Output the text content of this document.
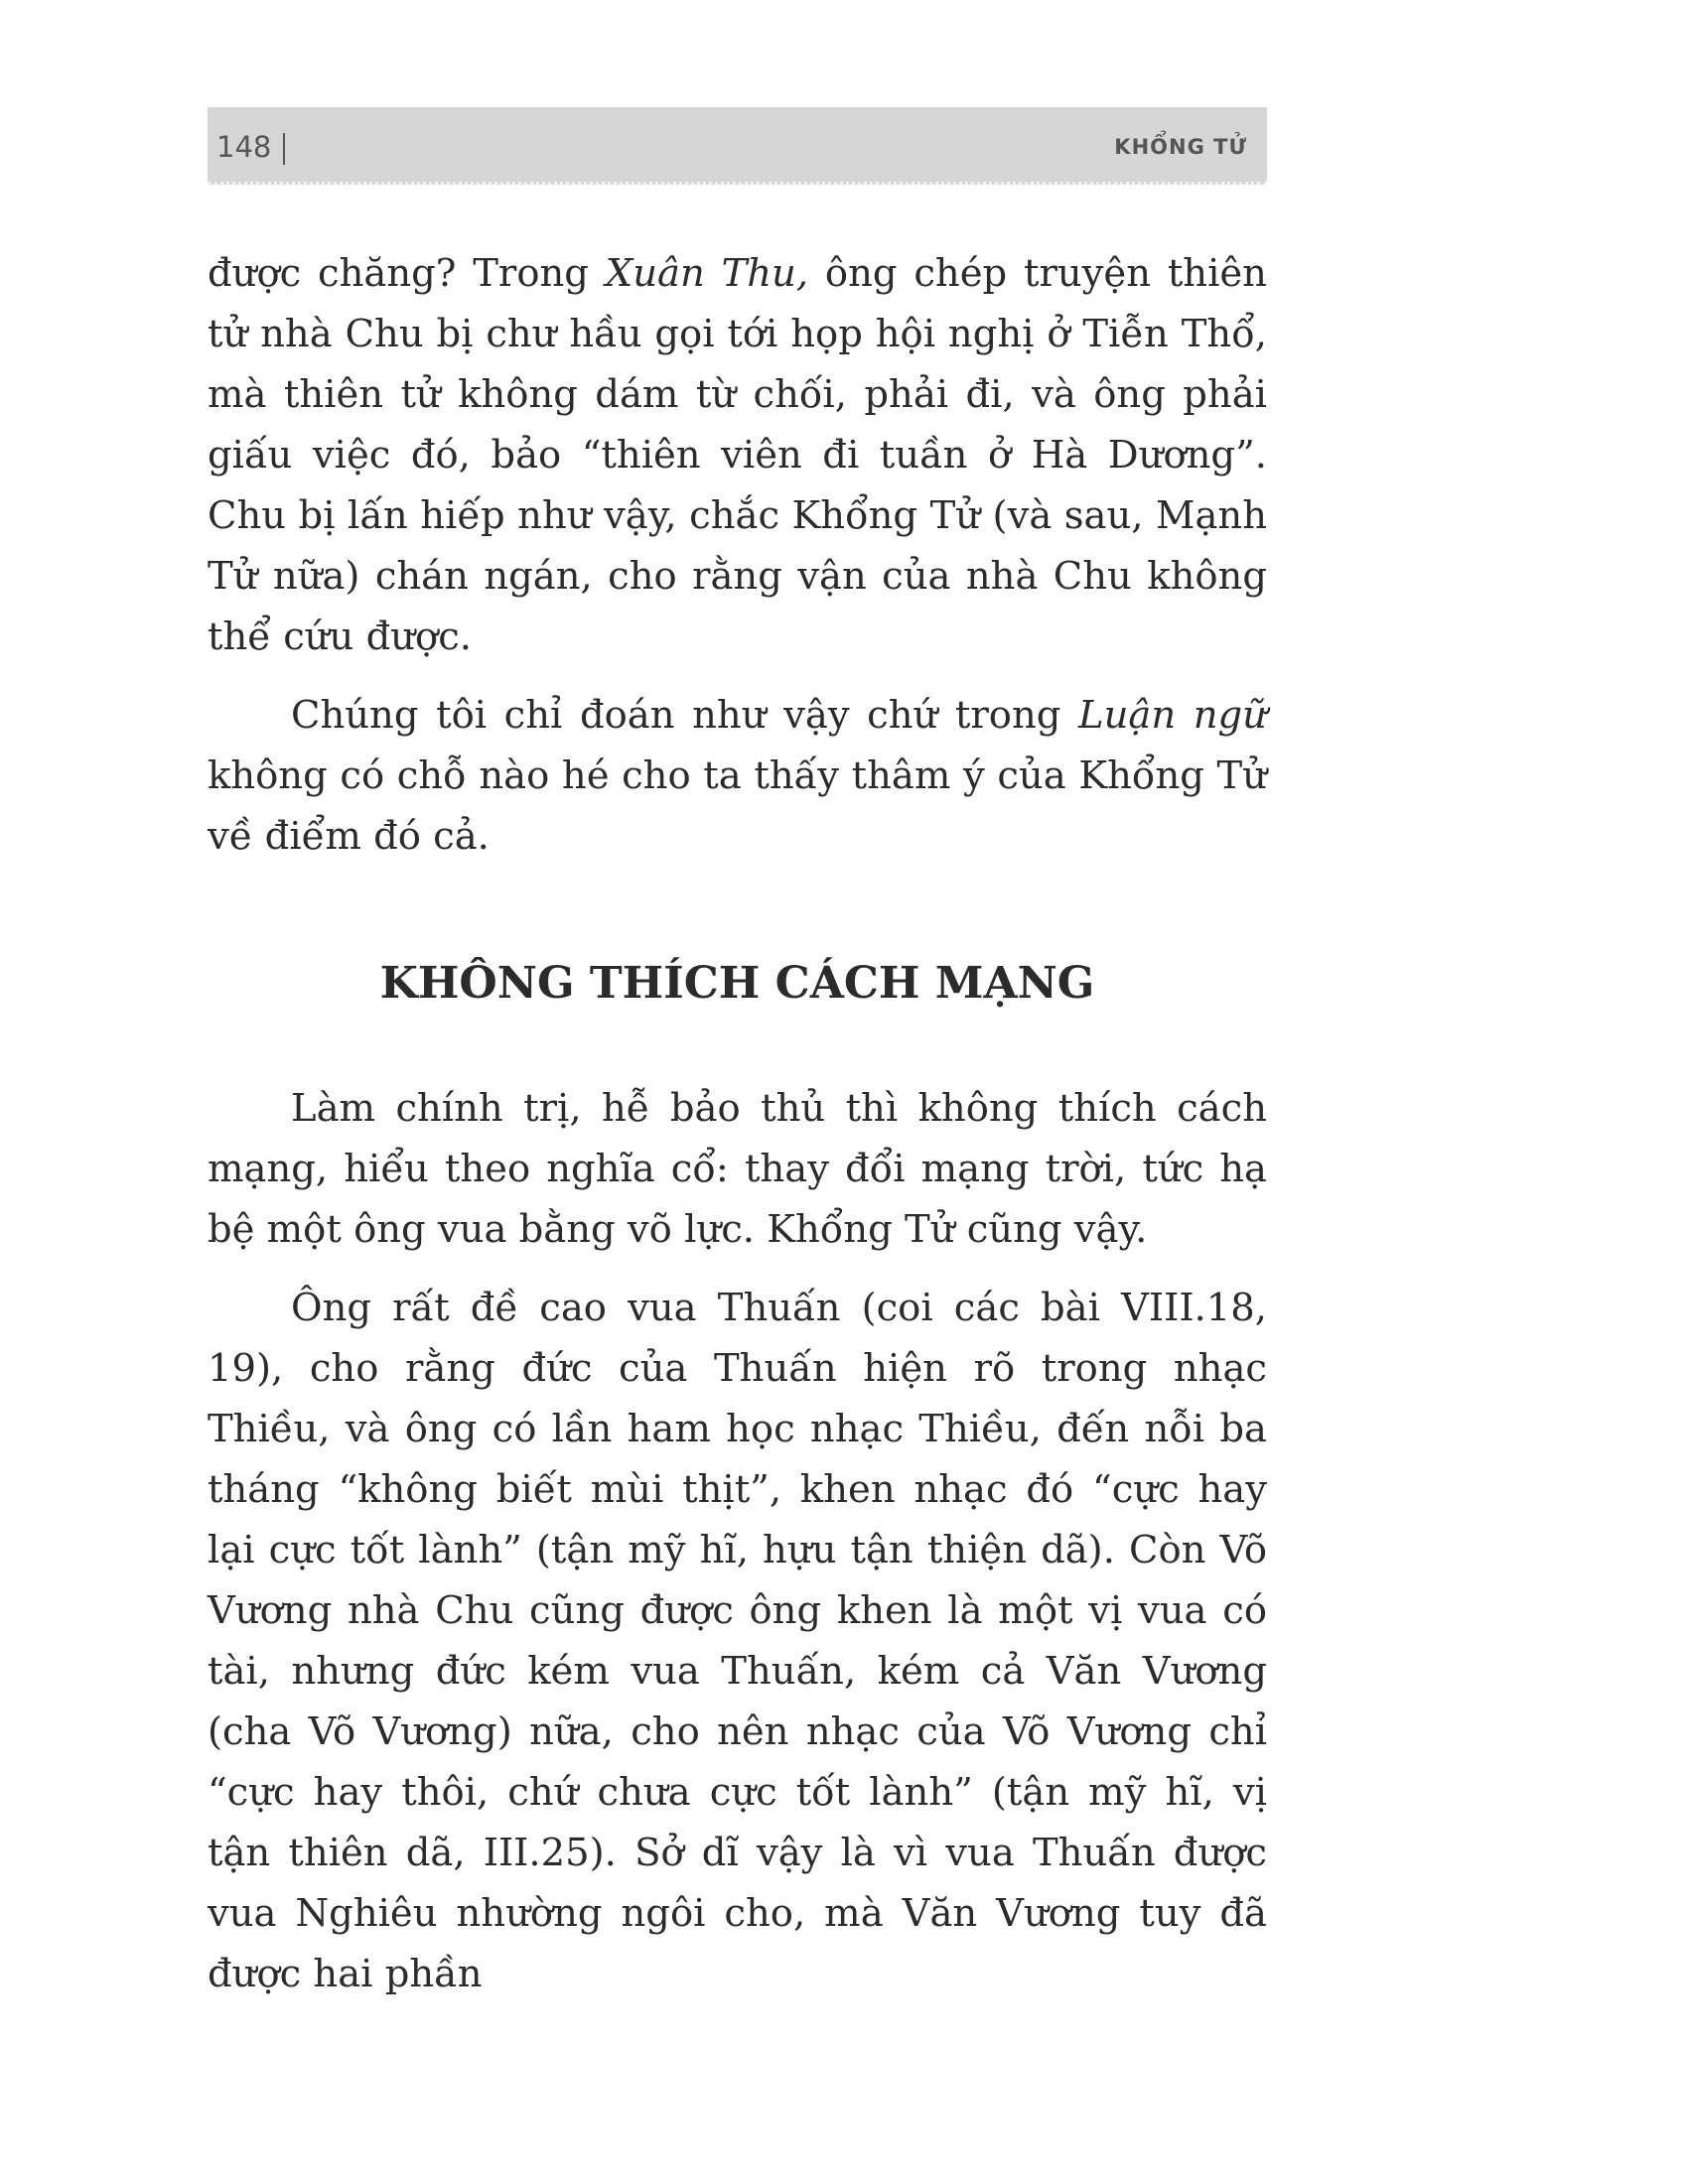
148	KHỔNG TỬ

được chăng? Trong Xuân Thu, ông chép truyện thiên tử nhà Chu bị chư hầu gọi tới họp hội nghị ở Tiễn Thổ, mà thiên tử không dám từ chối, phải đi, và ông phải giấu việc đó, bảo “thiên viên đi tuần ở Hà Dương”. Chu bị lấn hiếp như vậy, chắc Khổng Tử (và sau, Mạnh Tử nữa) chán ngán, cho rằng vận của nhà Chu không thể cứu được.

Chúng tôi chỉ đoán như vậy chứ trong Luận ngữ không có chỗ nào hé cho ta thấy thâm ý của Khổng Tử về điểm đó cả.

KHÔNG THÍCH CÁCH MẠNG

Làm chính trị, hễ bảo thủ thì không thích cách mạng, hiểu theo nghĩa cổ: thay đổi mạng trời, tức hạ bệ một ông vua bằng võ lực. Khổng Tử cũng vậy.

Ông rất đề cao vua Thuấn (coi các bài VIII.18, 19), cho rằng đức của Thuấn hiện rõ trong nhạc Thiều, và ông có lần ham học nhạc Thiều, đến nỗi ba tháng “không biết mùi thịt”, khen nhạc đó “cực hay lại cực tốt lành” (tận mỹ hĩ, hựu tận thiện dã). Còn Võ Vương nhà Chu cũng được ông khen là một vị vua có tài, nhưng đức kém vua Thuấn, kém cả Văn Vương (cha Võ Vương) nữa, cho nên nhạc của Võ Vương chỉ “cực hay thôi, chứ chưa cực tốt lành” (tận mỹ hĩ, vị tận thiên dã, III.25). Sở dĩ vậy là vì vua Thuấn được vua Nghiêu nhường ngôi cho, mà Văn Vương tuy đã được hai phần
